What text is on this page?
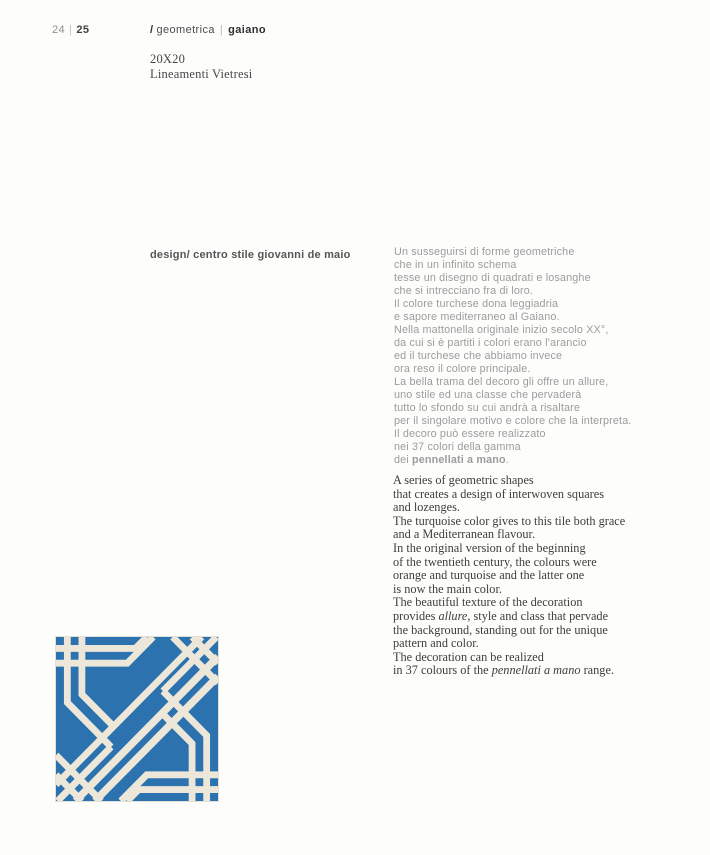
24 | 25	/ geometrica | gaiano
20X20
Lineamenti Vietresi
design/ centro stile giovanni de maio	Un susseguirsi di forme geometriche
che in un infinito schema
tesse un disegno di quadrati e losanghe
che si intrecciano fra di loro.
Il colore turchese dona leggiadria
e sapore mediterraneo al Gaiano.
Nella mattonella originale inizio secolo XX°,
da cui si è partiti i colori erano l’arancio
ed il turchese che abbiamo invece
ora reso il colore principale.
La bella trama del decoro gli offre un allure,
uno stile ed una classe che pervaderà
tutto lo sfondo su cui andrà a risaltare
per il singolare motivo e colore che la interpreta.
Il decoro può essere realizzato
nei 37 colori della gamma
dei pennellati a mano.
A series of geometric shapes
that creates a design of interwoven squares
and lozenges.
The turquoise color gives to this tile both grace
and a Mediterranean flavour.
In the original version of the beginning
of the twentieth century, the colours were
orange and turquoise and the latter one
is now the main color.
The beautiful texture of the decoration
provides allure, style and class that pervade
the background, standing out for the unique
pattern and color.
The decoration can be realized
in 37 colours of the pennellati a mano range.
